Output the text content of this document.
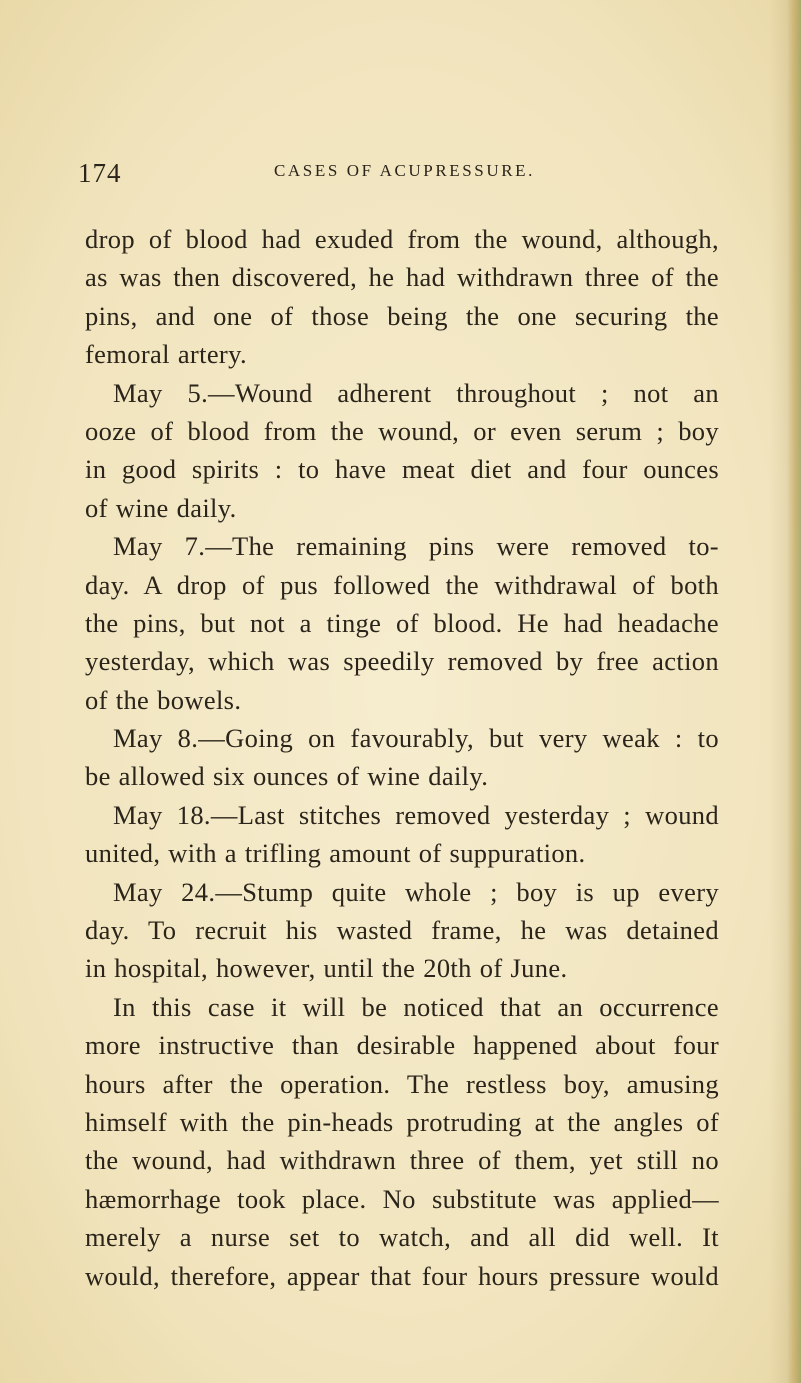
174	CASES OF ACUPRESSURE.
drop of blood had exuded from the wound, although,
as was then discovered, he had withdrawn three of the
pins, and one of those being the one securing the
femoral artery.
May 5.—Wound adherent throughout ; not an
ooze of blood from the wound, or even serum ; boy
in good spirits : to have meat diet and four ounces
of wine daily.
May 7.—The remaining pins were removed to-
day. A drop of pus followed the withdrawal of both
the pins, but not a tinge of blood. He had headache
yesterday, which was speedily removed by free action
of the bowels.
May 8.—Going on favourably, but very weak : to
be allowed six ounces of wine daily.
May 18.—Last stitches removed yesterday ; wound
united, with a trifling amount of suppuration.
May 24.—Stump quite whole ; boy is up every
day. To recruit his wasted frame, he was detained
in hospital, however, until the 20th of June.
In this case it will be noticed that an occurrence
more instructive than desirable happened about four
hours after the operation. The restless boy, amusing
himself with the pin-heads protruding at the angles of
the wound, had withdrawn three of them, yet still no
hæmorrhage took place. No substitute was applied—
merely a nurse set to watch, and all did well. It
would, therefore, appear that four hours pressure would
